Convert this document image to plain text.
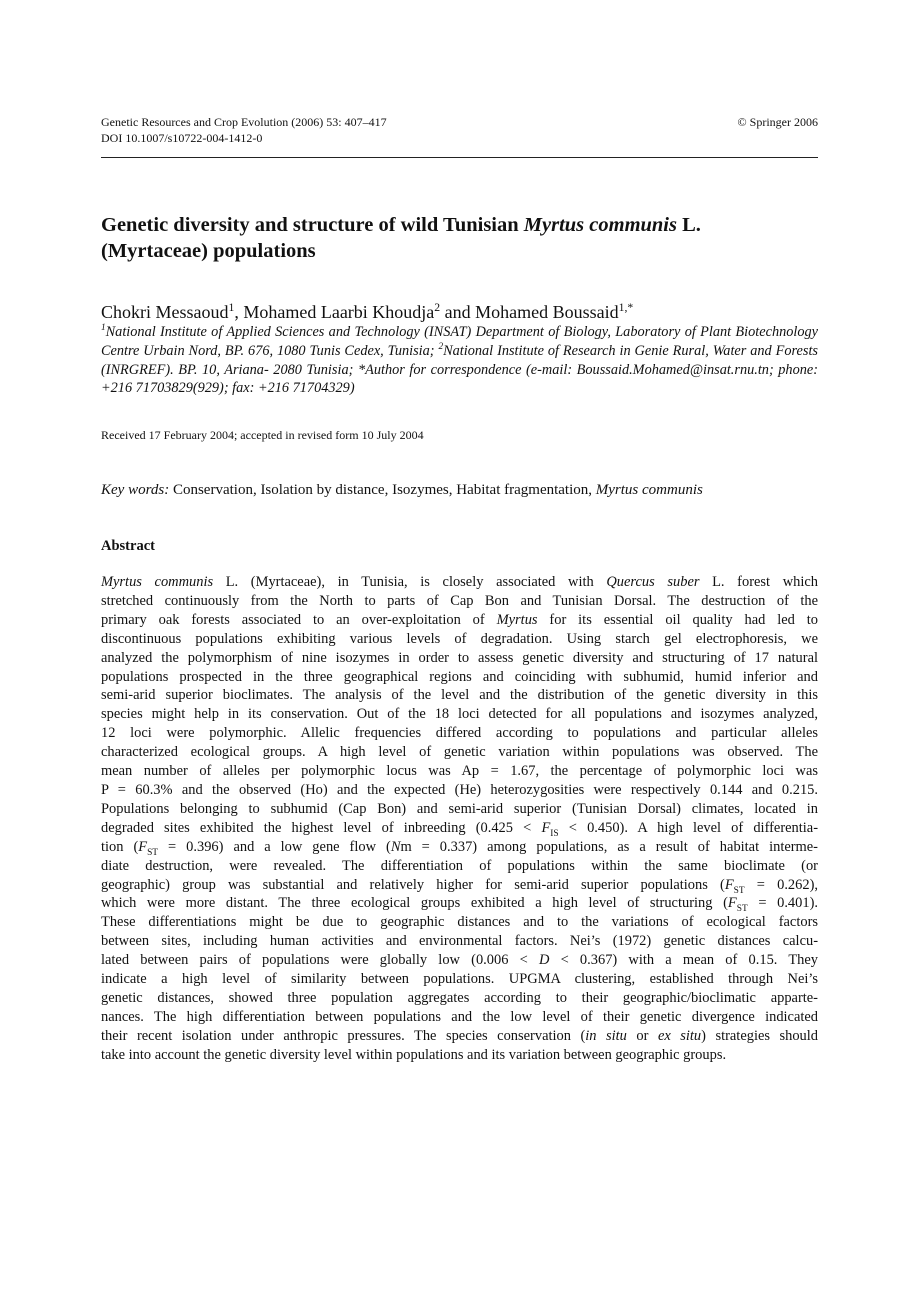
Genetic Resources and Crop Evolution (2006) 53: 407–417
DOI 10.1007/s10722-004-1412-0
© Springer 2006
Genetic diversity and structure of wild Tunisian Myrtus communis L.
(Myrtaceae) populations
Chokri Messaoud$^1$, Mohamed Laarbi Khoudja$^2$ and Mohamed Boussaid$^{1,*}$
$^1$National Institute of Applied Sciences and Technology (INSAT) Department of Biology, Laboratory of Plant Biotechnology Centre Urbain Nord, BP. 676, 1080 Tunis Cedex, Tunisia; $^2$National Institute of Research in Genie Rural, Water and Forests (INRGREF). BP. 10, Ariana- 2080 Tunisia; *Author for correspondence (e-mail: Boussaid.Mohamed@insat.rnu.tn; phone: +216 71703829(929); fax: +216 71704329)
Received 17 February 2004; accepted in revised form 10 July 2004
Key words: Conservation, Isolation by distance, Isozymes, Habitat fragmentation, Myrtus communis
Abstract
Myrtus communis L. (Myrtaceae), in Tunisia, is closely associated with Quercus suber L. forest which
stretched continuously from the North to parts of Cap Bon and Tunisian Dorsal. The destruction of the
primary oak forests associated to an over-exploitation of Myrtus for its essential oil quality had led to
discontinuous populations exhibiting various levels of degradation. Using starch gel electrophoresis, we
analyzed the polymorphism of nine isozymes in order to assess genetic diversity and structuring of 17 natural
populations prospected in the three geographical regions and coinciding with subhumid, humid inferior and
semi-arid superior bioclimates. The analysis of the level and the distribution of the genetic diversity in this
species might help in its conservation. Out of the 18 loci detected for all populations and isozymes analyzed,
12 loci were polymorphic. Allelic frequencies differed according to populations and particular alleles
characterized ecological groups. A high level of genetic variation within populations was observed. The
mean number of alleles per polymorphic locus was Ap = 1.67, the percentage of polymorphic loci was
P = 60.3% and the observed (Ho) and the expected (He) heterozygosities were respectively 0.144 and 0.215.
Populations belonging to subhumid (Cap Bon) and semi-arid superior (Tunisian Dorsal) climates, located in
degraded sites exhibited the highest level of inbreeding $(0.425 < F_{IS} < 0.450)$. A high level of differentia-
tion $(F_{ST} = 0.396)$ and a low gene flow (Nm = 0.337) among populations, as a result of habitat interme-
diate destruction, were revealed. The differentiation of populations within the same bioclimate (or
geographic) group was substantial and relatively higher for semi-arid superior populations $(F_{ST} = 0.262)$,
which were more distant. The three ecological groups exhibited a high level of structuring $(F_{ST} = 0.401)$.
These differentiations might be due to geographic distances and to the variations of ecological factors
between sites, including human activities and environmental factors. Nei’s (1972) genetic distances calcu-
lated between pairs of populations were globally low (0.006 < D < 0.367) with a mean of 0.15. They
indicate a high level of similarity between populations. UPGMA clustering, established through Nei’s
genetic distances, showed three population aggregates according to their geographic/bioclimatic apparte-
nances. The high differentiation between populations and the low level of their genetic divergence indicated
their recent isolation under anthropic pressures. The species conservation (in situ or ex situ) strategies should
take into account the genetic diversity level within populations and its variation between geographic groups.
